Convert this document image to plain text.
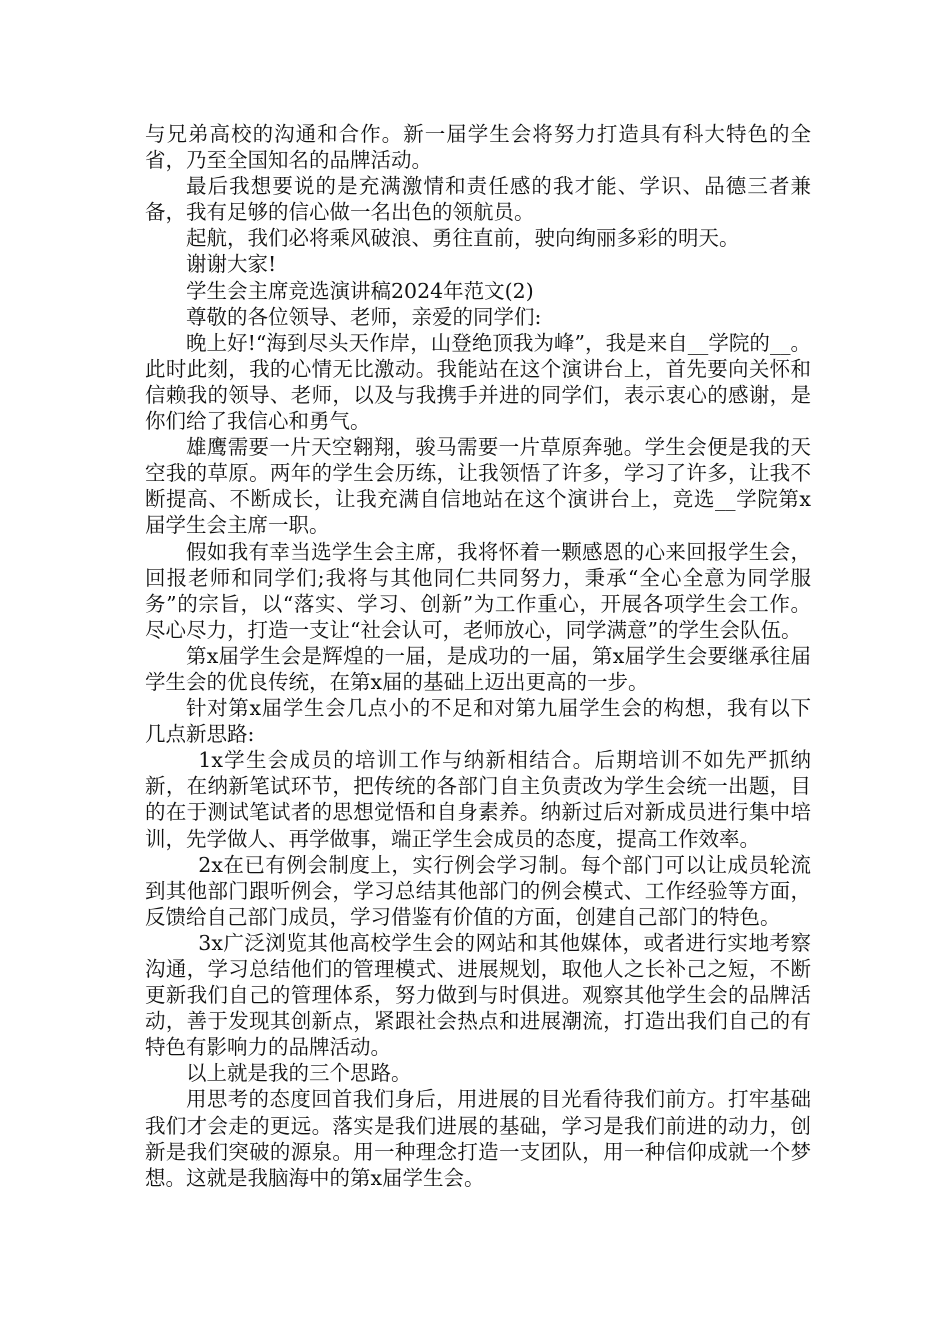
与兄弟高校的沟通和合作。新一届学生会将努力打造具有科大特色的全省，乃至全国知名的品牌活动。

最后我想要说的是充满激情和责任感的我才能、学识、品德三者兼备，我有足够的信心做一名出色的领航员。

起航，我们必将乘风破浪、勇往直前，驶向绚丽多彩的明天。

谢谢大家!

学生会主席竞选演讲稿2024年范文(2)

尊敬的各位领导、老师，亲爱的同学们:

晚上好!“海到尽头天作岸，山登绝顶我为峰”，我是来自__学院的__。此时此刻，我的心情无比激动。我能站在这个演讲台上，首先要向关怀和信赖我的领导、老师，以及与我携手并进的同学们，表示衷心的感谢，是你们给了我信心和勇气。

雄鹰需要一片天空翱翔，骏马需要一片草原奔驰。学生会便是我的天空我的草原。两年的学生会历练，让我领悟了许多，学习了许多，让我不断提高、不断成长，让我充满自信地站在这个演讲台上，竞选__学院第x届学生会主席一职。

假如我有幸当选学生会主席，我将怀着一颗感恩的心来回报学生会，回报老师和同学们;我将与其他同仁共同努力，秉承“全心全意为同学服务”的宗旨，以“落实、学习、创新”为工作重心，开展各项学生会工作。尽心尽力，打造一支让“社会认可，老师放心，同学满意”的学生会队伍。

第x届学生会是辉煌的一届，是成功的一届，第x届学生会要继承往届学生会的优良传统，在第x届的基础上迈出更高的一步。

针对第x届学生会几点小的不足和对第九届学生会的构想，我有以下几点新思路:

1x学生会成员的培训工作与纳新相结合。后期培训不如先严抓纳新，在纳新笔试环节，把传统的各部门自主负责改为学生会统一出题，目的在于测试笔试者的思想觉悟和自身素养。纳新过后对新成员进行集中培训，先学做人、再学做事，端正学生会成员的态度，提高工作效率。

2x在已有例会制度上，实行例会学习制。每个部门可以让成员轮流到其他部门跟听例会，学习总结其他部门的例会模式、工作经验等方面，反馈给自己部门成员，学习借鉴有价值的方面，创建自己部门的特色。

3x广泛浏览其他高校学生会的网站和其他媒体，或者进行实地考察沟通，学习总结他们的管理模式、进展规划，取他人之长补己之短，不断更新我们自己的管理体系，努力做到与时俱进。观察其他学生会的品牌活动，善于发现其创新点，紧跟社会热点和进展潮流，打造出我们自己的有特色有影响力的品牌活动。

以上就是我的三个思路。

用思考的态度回首我们身后，用进展的目光看待我们前方。打牢基础我们才会走的更远。落实是我们进展的基础，学习是我们前进的动力，创新是我们突破的源泉。用一种理念打造一支团队，用一种信仰成就一个梦想。这就是我脑海中的第x届学生会。
